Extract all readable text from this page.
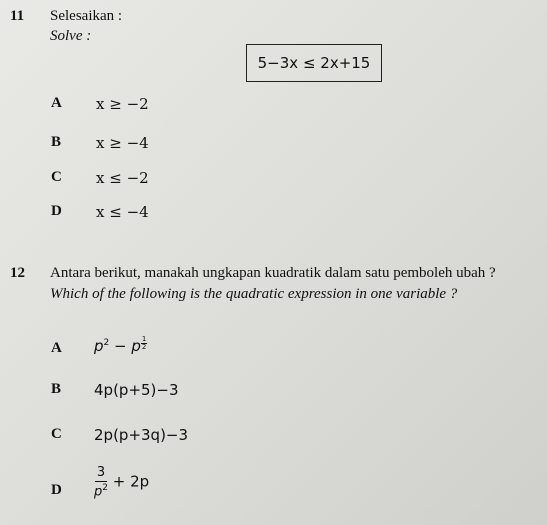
11 Selesaikan :
Solve :
5−3x ≤ 2x+15
A x ≥ −2
B x ≥ −4
C x ≤ −2
D x ≤ −4
12 Antara berikut, manakah ungkapan kuadratik dalam satu pemboleh ubah ?
Which of the following is the quadratic expression in one variable ?
A $p^2 - p \frac{1}{2}$
B 4p(p+5)−3
C 2p(p+3q)−3
D $\frac{3}{p^2} + 2p$
